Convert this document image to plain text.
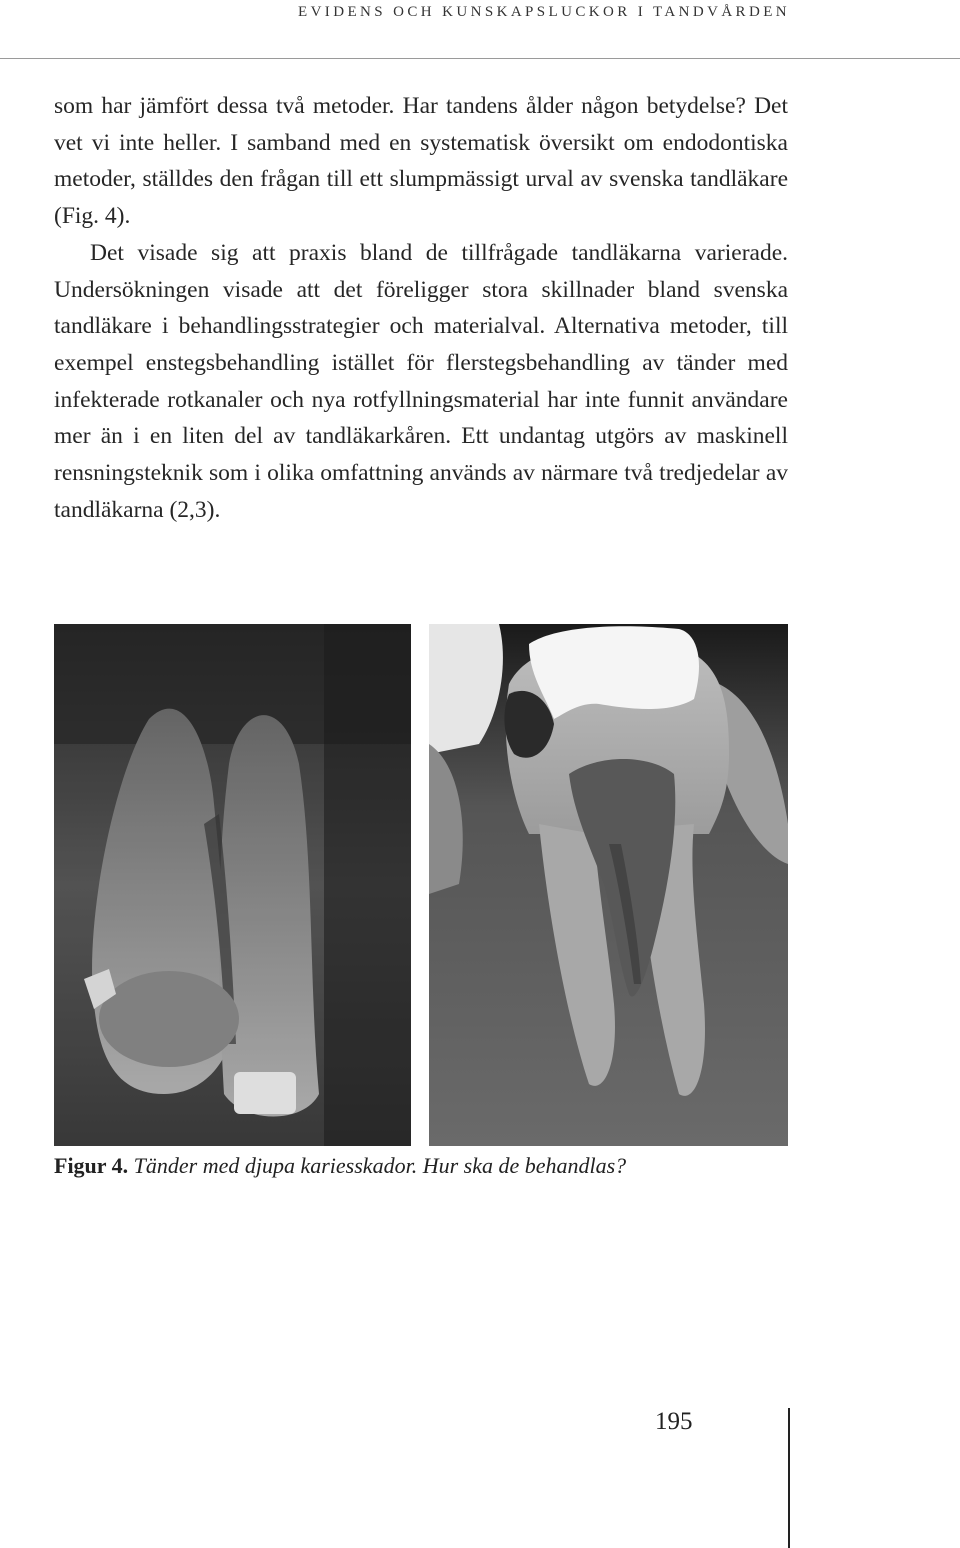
EVIDENS OCH KUNSKAPSLUCKOR I TANDVÅRDEN

som har jämfört dessa två metoder. Har tandens ålder någon betydelse? Det vet vi inte heller. I samband med en systematisk översikt om endodontiska metoder, ställdes den frågan till ett slumpmässigt urval av svenska tandläkare (Fig. 4).

Det visade sig att praxis bland de tillfrågade tandläkarna varierade. Undersökningen visade att det föreligger stora skillnader bland svenska tandläkare i behandlingsstrategier och materialval. Alternativa metoder, till exempel enstegsbehandling istället för flerstegsbehandling av tänder med infekterade rotkanaler och nya rotfyllningsmaterial har inte funnit användare mer än i en liten del av tandläkarkåren. Ett undantag utgörs av maskinell rensningsteknik som i olika omfattning används av närmare två tredjedelar av tandläkarna (2,3).

Figur 4. Tänder med djupa kariesskador. Hur ska de behandlas?
195
